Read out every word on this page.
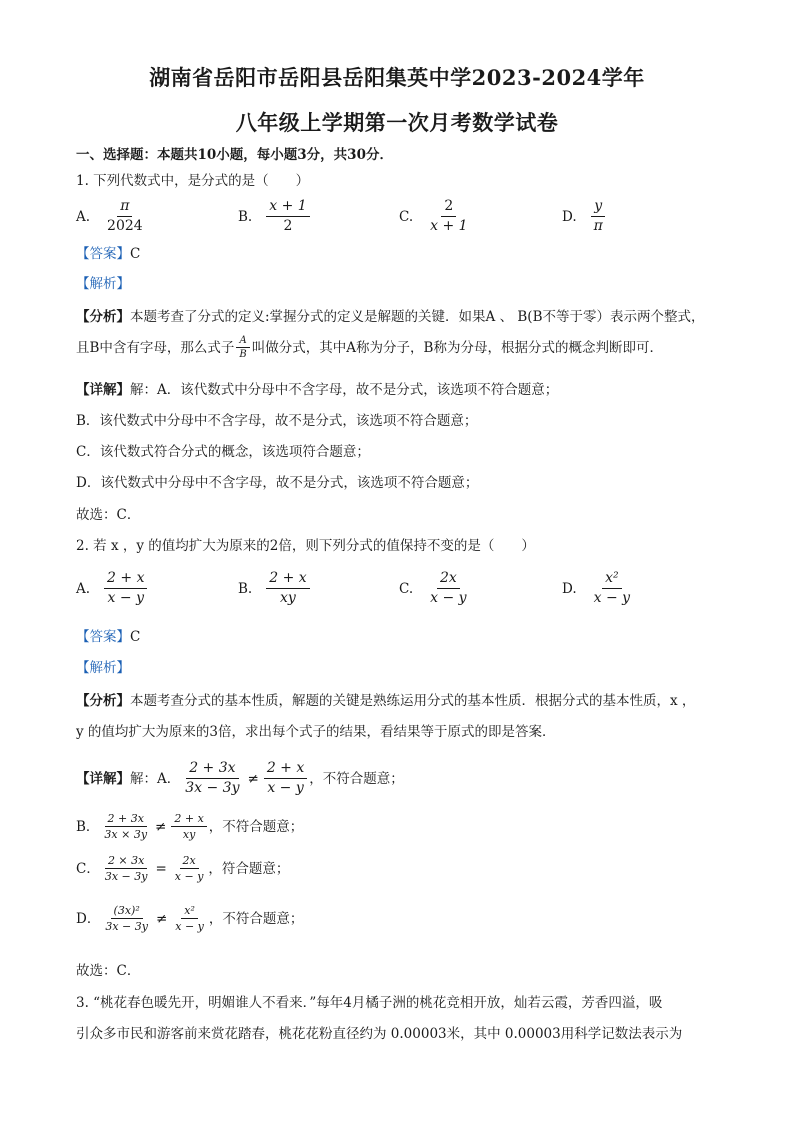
湖南省岳阳市岳阳县岳阳集英中学2023-2024学年
八年级上学期第一次月考数学试卷
一、选择题：本题共10小题，每小题3分，共30分．
1. 下列代数式中，是分式的是（　　）
A. $\frac{\pi}{2024}$	B. $\frac{x + 1}{2}$	C. $\frac{2}{x + 1}$	D. $\frac{y}{\pi}$
【答案】C
【解析】
【分析】本题考查了分式的定义:掌握分式的定义是解题的关键．如果A 、 B(B不等于零）表示两个整式，
且B中含有字母，那么式子 $\frac{A}{B}$ 叫做分式，其中A称为分子，B称为分母，根据分式的概念判断即可．
【详解】解：A．该代数式中分母中不含字母，故不是分式，该选项不符合题意；
B．该代数式中分母中不含字母，故不是分式，该选项不符合题意；
C．该代数式符合分式的概念，该选项符合题意；
D．该代数式中分母中不含字母，故不是分式，该选项不符合题意；
故选：C．
2. 若 x ，y 的值均扩大为原来的2倍，则下列分式的值保持不变的是（　　）
A. $\frac{2 + x}{x - y}$	B. $\frac{2 + x}{xy}$	C. $\frac{2x}{x - y}$	D. $\frac{\text{x²}}{x - y}$
【答案】C
【解析】
【分析】本题考查分式的基本性质，解题的关键是熟练运用分式的基本性质．根据分式的基本性质，x ，
y 的值均扩大为原来的3倍，求出每个式子的结果，看结果等于原式的即是答案．
【详解】 解：A． $\frac{2 + 3x}{3x - 3y} \ne \frac{2 + x}{x - y}$ ，不符合题意；
B． $\frac{2 + 3x}{3x \times 3y} \ne \frac{2 + x}{xy}$ ，不符合题意；
C． $\frac{2 \times 3x}{3x - 3y} = \frac{2x}{x - y}$ ，符合题意；
D． $\frac{\text{(3x)²}}{3x - 3y} \ne \frac{\text{x²}}{x - y}$ ，不符合题意；
故选：C．
3. “桃花春色暖先开，明媚谁人不看来．”每年4月橘子洲的桃花竞相开放，灿若云霞，芳香四溢，吸
引众多市民和游客前来赏花踏春，桃花花粉直径约为 0.00003米，其中 0.00003用科学记数法表示为
